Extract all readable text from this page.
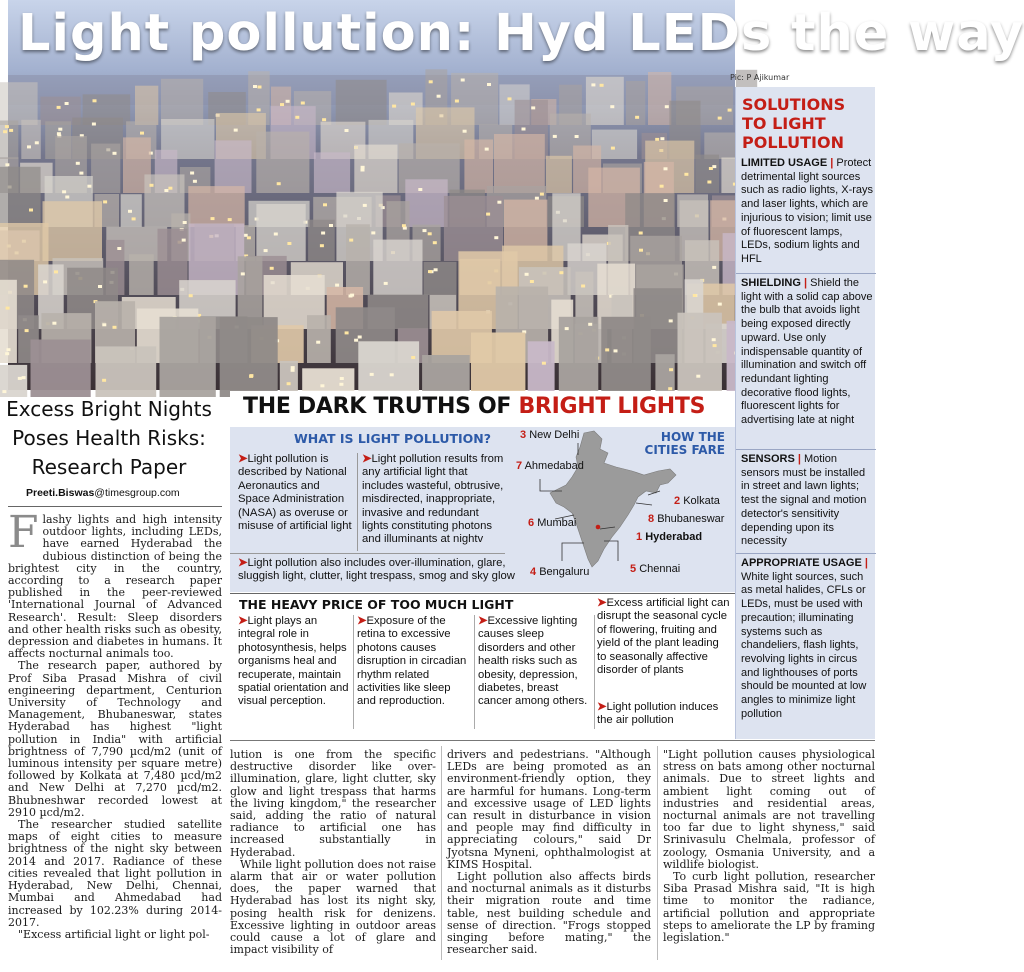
Light pollution: Hyd LEDs the way
Pic: P Ajikumar
SOLUTIONS
TO LIGHT
POLLUTION
LIMITED USAGE | Protect detrimental light sources such as radio lights, X-rays and laser lights, which are injurious to vision; limit use of fluorescent lamps, LEDs, sodium lights and HFL
SHIELDING | Shield the light with a solid cap above the bulb that avoids light being exposed directly upward. Use only indispensable quantity of illumination and switch off redundant lighting decorative flood lights, fluorescent lights for advertising late at night
SENSORS | Motion sensors must be installed in street and lawn lights; test the signal and motion detector's sensitivity depending upon its necessity
APPROPRIATE USAGE | White light sources, such as metal halides, CFLs or LEDs, must be used with precaution; illuminating systems such as chandeliers, flash lights, revolving lights in circus and lighthouses of ports should be mounted at low angles to minimize light pollution
Excess Bright Nights Poses Health Risks: Research Paper
Preeti.Biswas@timesgroup.com

Flashy lights and high intensity outdoor lights, including LEDs, have earned Hyderabad the dubious distinction of being the brightest city in the country, according to a research paper published in the peer-reviewed 'International Journal of Advanced Research'. Result: Sleep disorders and other health risks such as obesity, depression and diabetes in humans. It affects nocturnal animals too.

The research paper, authored by Prof Siba Prasad Mishra of civil engineering department, Centurion University of Technology and Management, Bhubaneswar, states Hyderabad has highest "light pollution in India" with artificial brightness of 7,790 µcd/m2 (unit of luminous intensity per square metre) followed by Kolkata at 7,480 µcd/m2 and New Delhi at 7,270 µcd/m2. Bhubneshwar recorded lowest at 2910 µcd/m2.

The researcher studied satellite maps of eight cities to measure brightness of the night sky between 2014 and 2017. Radiance of these cities revealed that light pollution in Hyderabad, New Delhi, Chennai, Mumbai and Ahmedabad had increased by 102.23% during 2014-2017.

"Excess artificial light or light pol-

THE DARK TRUTHS OF BRIGHT LIGHTS
WHAT IS LIGHT POLLUTION?
➤Light pollution is described by National Aeronautics and Space Administration (NASA) as overuse or misuse of artificial light
➤Light pollution results from any artificial light that includes wasteful, obtrusive, misdirected, inappropriate, invasive and redundant lights constituting photons and illuminants at nightv
➤Light pollution also includes over-illumination, glare, sluggish light, clutter, light trespass, smog and sky glow
HOW THE CITIES FARE
3 New Delhi
7 Ahmedabad
2 Kolkata
8 Bhubaneswar
6 Mumbai
1 Hyderabad
4 Bengaluru	5 Chennai
THE HEAVY PRICE OF TOO MUCH LIGHT
➤Light plays an integral role in photosynthesis, helps organisms heal and recuperate, maintain spatial orientation and visual perception.
➤Exposure of the retina to excessive photons causes disruption in circadian rhythm related activities like sleep and reproduction.
➤Excessive lighting causes sleep disorders and other health risks such as obesity, depression, diabetes, breast cancer among others.
➤Excess artificial light can disrupt the seasonal cycle of flowering, fruiting and yield of the plant leading to seasonally affective disorder of plants
➤Light pollution induces the air pollution

lution is one from the specific destructive disorder like over-illumination, glare, light clutter, sky glow and light trespass that harms the living kingdom," the researcher said, adding the ratio of natural radiance to artificial one has increased substantially in Hyderabad.

While light pollution does not raise alarm that air or water pollution does, the paper warned that Hyderabad has lost its night sky, posing health risk for denizens. Excessive lighting in outdoor areas could cause a lot of glare and impact visibility of

drivers and pedestrians. "Although LEDs are being promoted as an environment-friendly option, they are harmful for humans. Long-term and excessive usage of LED lights can result in disturbance in vision and people may find difficulty in appreciating colours," said Dr Jyotsna Myneni, ophthalmologist at KIMS Hospital.

Light pollution also affects birds and nocturnal animals as it disturbs their migration route and time table, nest building schedule and sense of direction. "Frogs stopped singing before mating," the researcher said.

"Light pollution causes physiological stress on bats among other nocturnal animals. Due to street lights and ambient light coming out of industries and residential areas, nocturnal animals are not travelling too far due to light shyness," said Srinivasulu Chelmala, professor of zoology, Osmania University, and a wildlife biologist.

To curb light pollution, researcher Siba Prasad Mishra said, "It is high time to monitor the radiance, artificial pollution and appropriate steps to ameliorate the LP by framing legislation."
